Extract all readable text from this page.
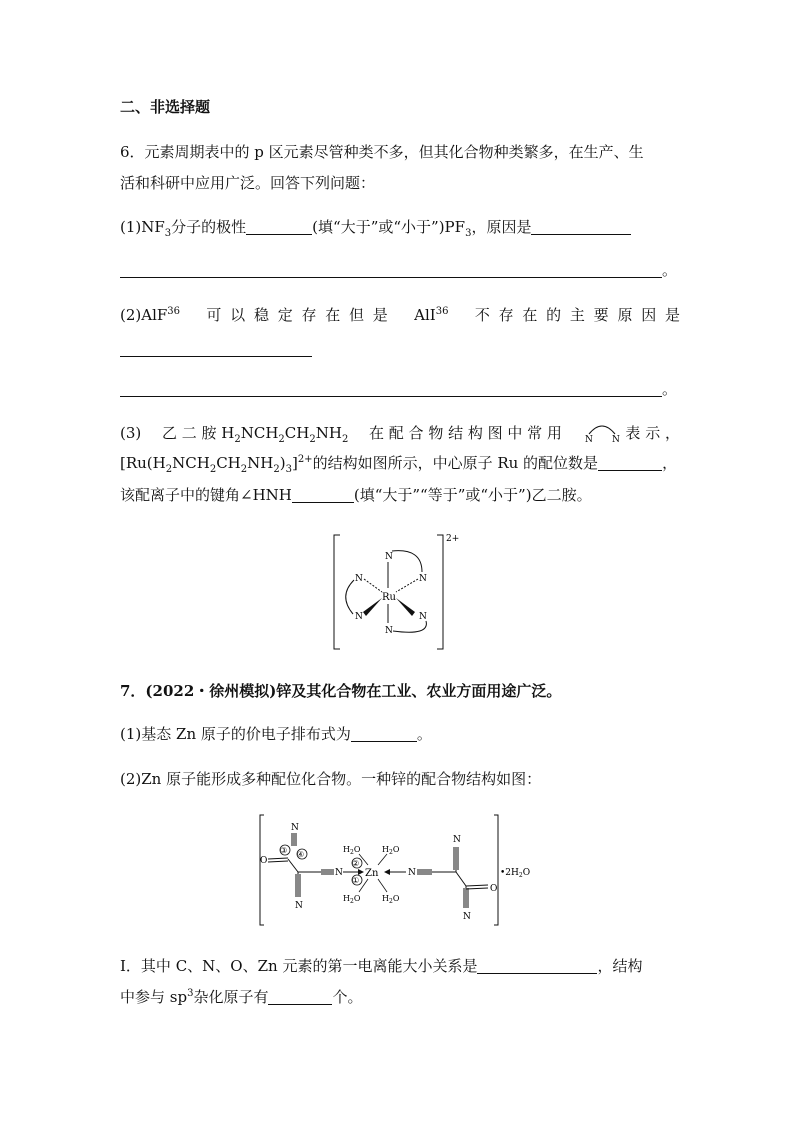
二、非选择题
6．元素周期表中的 p 区元素尽管种类不多，但其化合物种类繁多，在生产、生
活和科研中应用广泛。回答下列问题：
$(1)NF_3$分子的极性	(填“大于”或“小于$”)PF_3$，原因是
。
(2)AlF$^{36}$ 可 以 稳 定 存 在 但 是 AlI$^{36}$ 不 存 在 的 主 要 原 因 是
。
(3) 乙 二 胺 $H_2NCH_2CH_2NH_2$ 在 配 合 物 结 构 图 中 常 用	N N 表 示 ，
$[Ru(H_2NCH_2CH_2NH_2)_3]^{2+}$的结构如图所示，中心原子 Ru 的配位数是	，
该配离子中的键角∠HNH	(填“大于”“等于”或“小于”)乙二胺。
2+
Ru
N
N
N	N
N	N
7．(2022・徐州模拟)锌及其化合物在工业、农业方面用途广泛。
(1)基态 Zn 原子的价电子排布式为	。
(2)Zn 原子能形成多种配位化合物。一种锌的配合物结构如图：
$•2H_2O$
N
③ ④
O
N
N
②
①
Zn
$H_2O$	$H_2O$
$H_2O$	$H_2O$
N
N
O
N
Ⅰ．其中 C、N、O、Zn 元素的第一电离能大小关系是	，结构
中参与 $sp^3$杂化原子有	个。
